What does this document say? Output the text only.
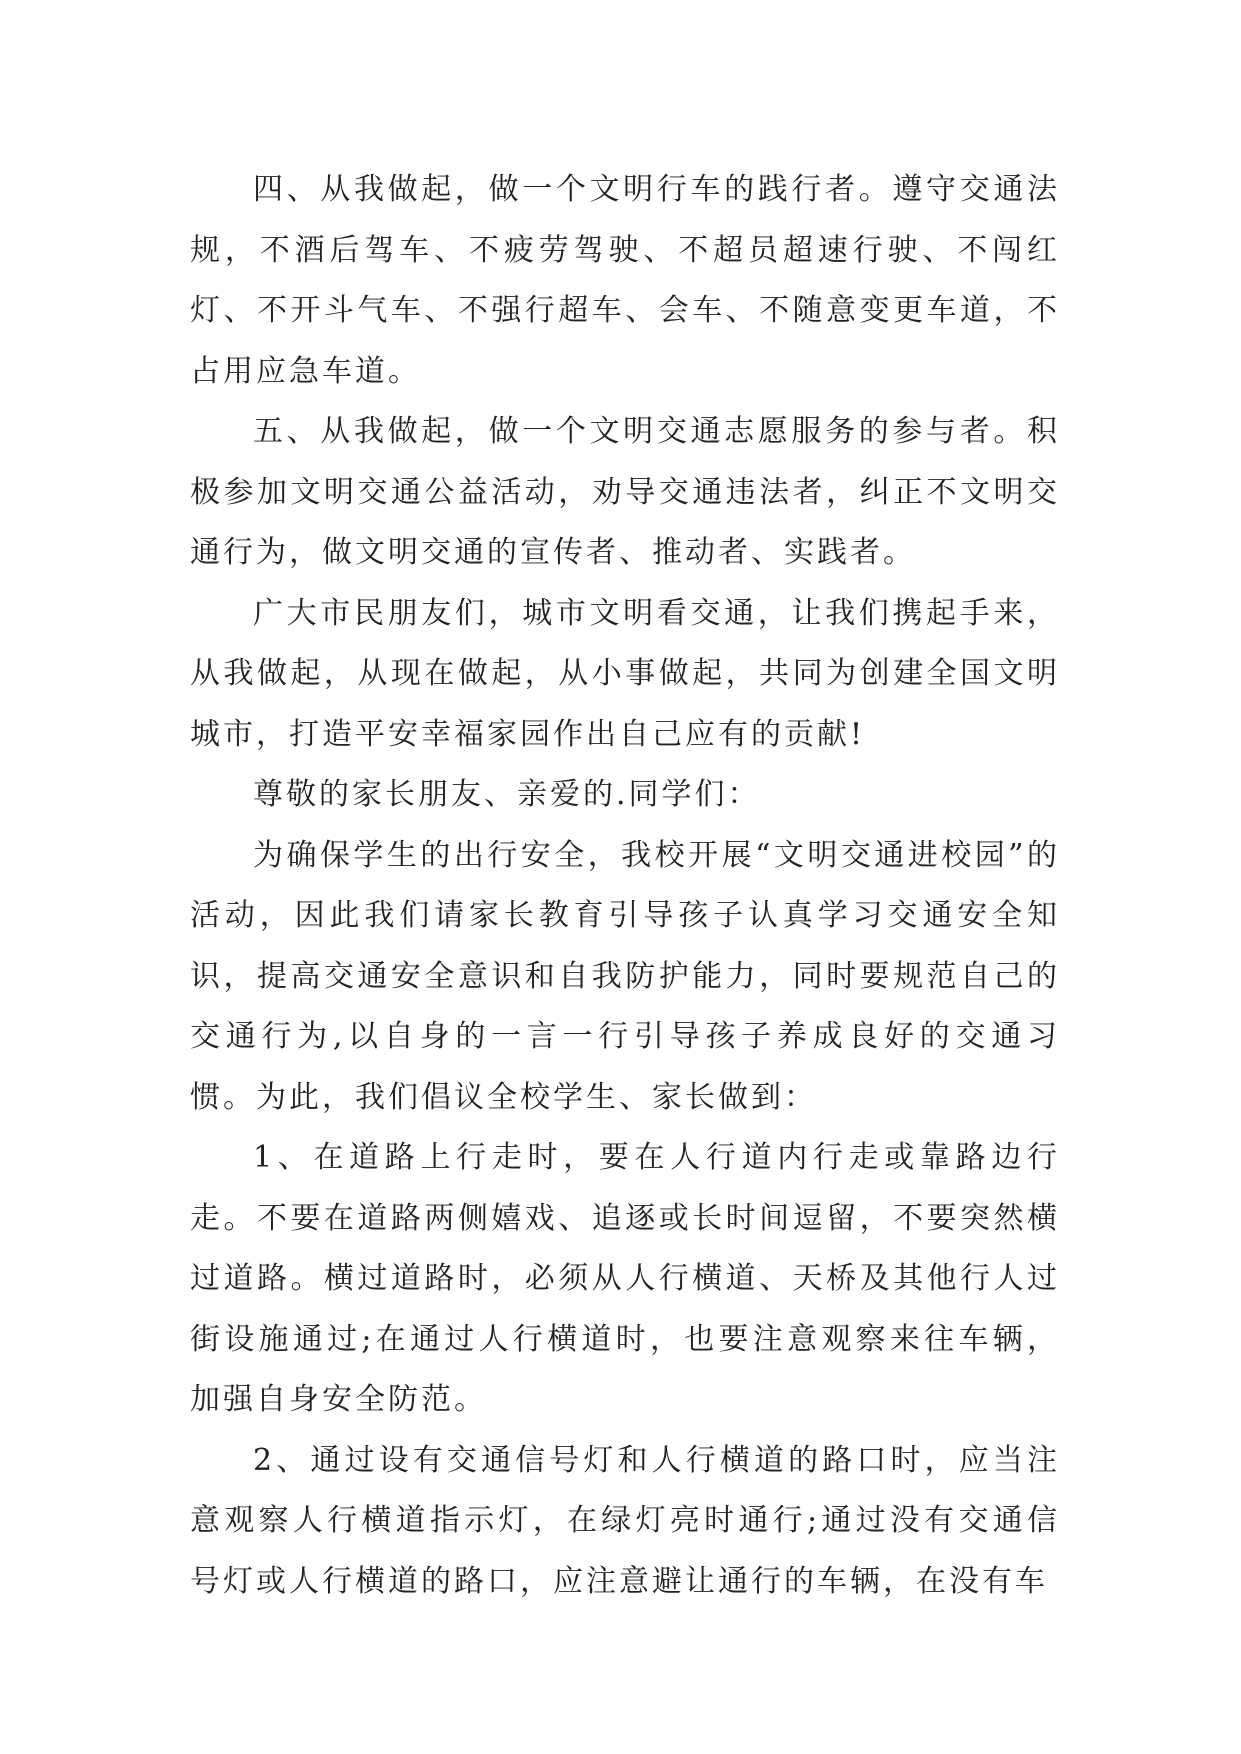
四、从我做起，做一个文明行车的践行者。遵守交通法规，不酒后驾车、不疲劳驾驶、不超员超速行驶、不闯红灯、不开斗气车、不强行超车、会车、不随意变更车道，不占用应急车道。

五、从我做起，做一个文明交通志愿服务的参与者。积极参加文明交通公益活动，劝导交通违法者，纠正不文明交通行为，做文明交通的宣传者、推动者、实践者。

广大市民朋友们，城市文明看交通，让我们携起手来，从我做起，从现在做起，从小事做起，共同为创建全国文明城市，打造平安幸福家园作出自己应有的贡献!

尊敬的家长朋友、亲爱的.同学们：

为确保学生的出行安全，我校开展“文明交通进校园”的活动，因此我们请家长教育引导孩子认真学习交通安全知识，提高交通安全意识和自我防护能力，同时要规范自己的交通行为,以自身的一言一行引导孩子养成良好的交通习惯。为此，我们倡议全校学生、家长做到：

1、在道路上行走时，要在人行道内行走或靠路边行走。不要在道路两侧嬉戏、追逐或长时间逗留，不要突然横过道路。横过道路时，必须从人行横道、天桥及其他行人过街设施通过;在通过人行横道时，也要注意观察来往车辆，加强自身安全防范。

2、通过设有交通信号灯和人行横道的路口时，应当注意观察人行横道指示灯，在绿灯亮时通行;通过没有交通信号灯或人行横道的路口，应注意避让通行的车辆，在没有车
